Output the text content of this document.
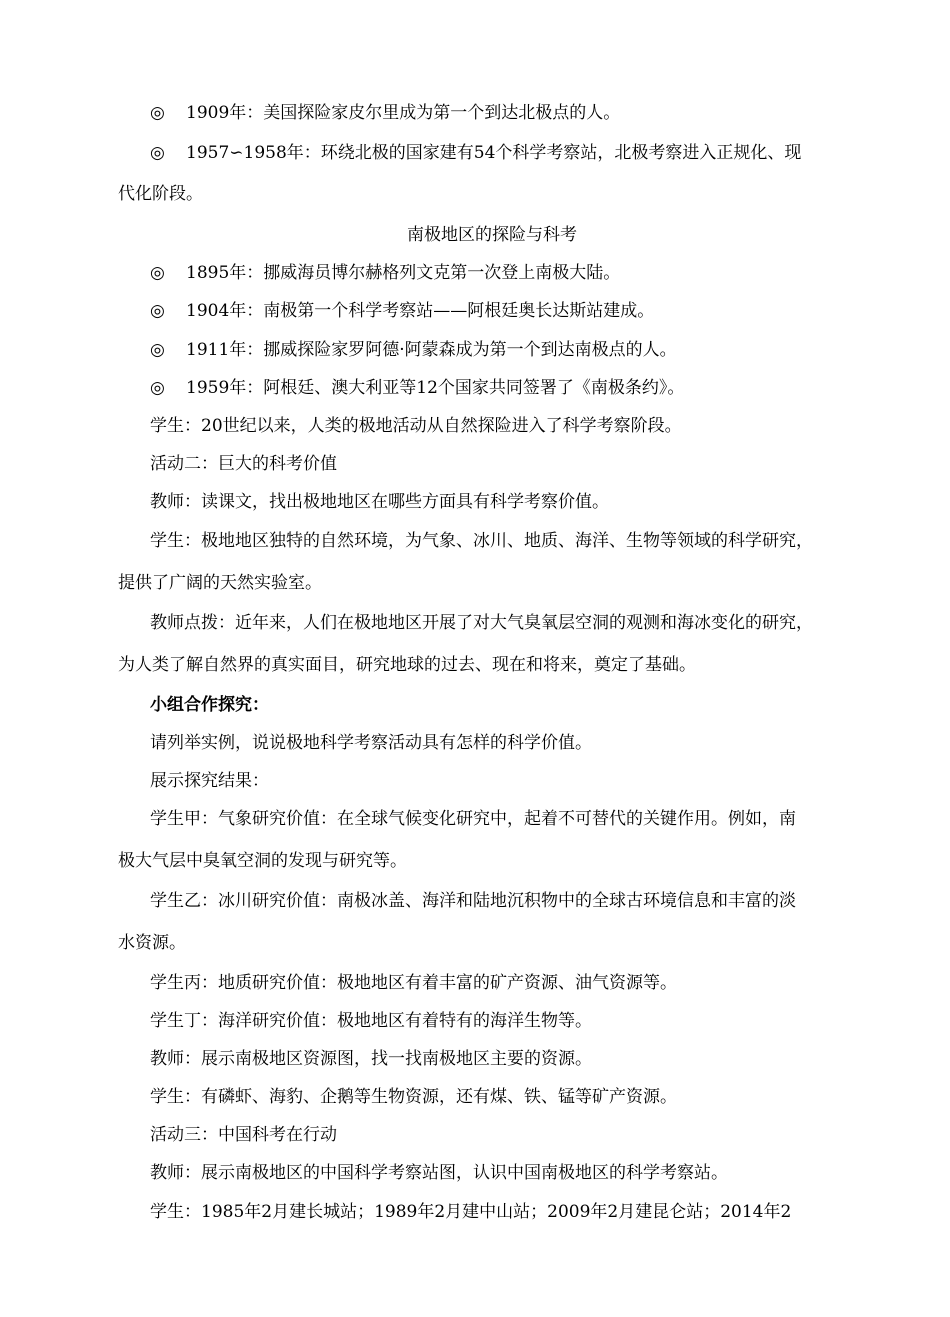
◎ 1909年：美国探险家皮尔里成为第一个到达北极点的人。
◎ 1957∽1958年：环绕北极的国家建有54个科学考察站，北极考察进入正规化、现
代化阶段。
南极地区的探险与科考
◎ 1895年：挪威海员博尔赫格列文克第一次登上南极大陆。
◎ 1904年：南极第一个科学考察站——阿根廷奥长达斯站建成。
◎ 1911年：挪威探险家罗阿德·阿蒙森成为第一个到达南极点的人。
◎ 1959年：阿根廷、澳大利亚等12个国家共同签署了《南极条约》。
学生：20世纪以来，人类的极地活动从自然探险进入了科学考察阶段。
活动二：巨大的科考价值
教师：读课文，找出极地地区在哪些方面具有科学考察价值。
学生：极地地区独特的自然环境，为气象、冰川、地质、海洋、生物等领域的科学研究，
提供了广阔的天然实验室。
教师点拨：近年来，人们在极地地区开展了对大气臭氧层空洞的观测和海冰变化的研究，
为人类了解自然界的真实面目，研究地球的过去、现在和将来，奠定了基础。
小组合作探究：
请列举实例，说说极地科学考察活动具有怎样的科学价值。
展示探究结果：
学生甲：气象研究价值：在全球气候变化研究中，起着不可替代的关键作用。例如，南
极大气层中臭氧空洞的发现与研究等。
学生乙：冰川研究价值：南极冰盖、海洋和陆地沉积物中的全球古环境信息和丰富的淡
水资源。
学生丙：地质研究价值：极地地区有着丰富的矿产资源、油气资源等。
学生丁：海洋研究价值：极地地区有着特有的海洋生物等。
教师：展示南极地区资源图，找一找南极地区主要的资源。
学生：有磷虾、海豹、企鹅等生物资源，还有煤、铁、锰等矿产资源。
活动三：中国科考在行动
教师：展示南极地区的中国科学考察站图，认识中国南极地区的科学考察站。
学生：1985年2月建长城站；1989年2月建中山站；2009年2月建昆仑站；2014年2
